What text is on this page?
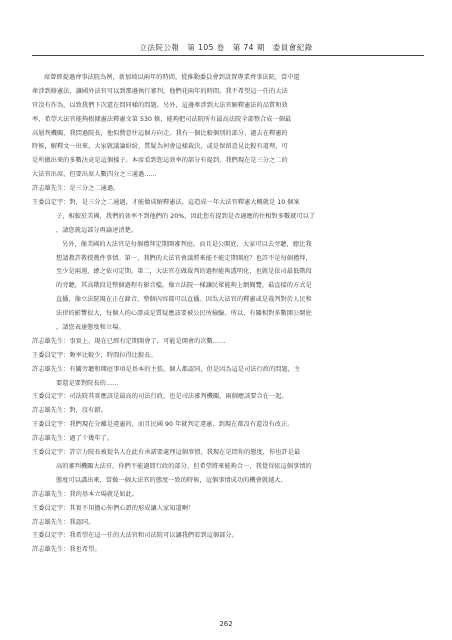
立法院公報　第 105 卷　第 74 期　委員會紀錄
席曾經提過齊事法院為例，新加坡以兩年的時間，從推動委員會到設置專業齊事法院，當中還
牽涉到修憲法，讓國外法官可以到那邊執行審判，他們花兩年的時間。我不希望這一任的大法
官沒有作為，以致我們下次還在問同樣的問題。另外，這邊牽涉到大法官解釋憲法的品質和效
率，希望大法官能夠根據憲法釋憲文第 530 條，能夠把司法院所有最高法院全部整合成一個最
高層判機關，我問過院長，他似贊意往這個方向走。我有一個比較個別的部分，過去在釋憲的
時候，解釋文一出來，大家就議論紛紛，質疑為何會這樣裁決，或是保留意見比較有道理，可
是所做出來的多數決竟是這個樣子。本席看到您這效率的部分有提到，我們現在是三分之二的
大法官出席，但要出席人數四分之三通過……
許志雄先生：是三分之二通過。
王委員定宇：對，是三分之二通過，才能做成解釋憲法，這造成一年大法官釋憲大概就是 10 個案
子，相較於美國，我們的效率不到他們的 20%，因此您有提到是否適應的往相對多數就可以了
，請您就這部分再論述清楚。
另外，像美國的大法官是每個禮拜定期開審判庭，而且是公開庭，大家可以去旁聽，總比我
想請教許教授幾件事情。第一，我們的大法官會議將來能不能定期開庭？也許不是每個禮拜，
至少是兩週，總之依司定期。第二，大法官在做裁判的過程能夠透明化，也就是依司最低階段
的旁聽，其高階段是整個過程有影音檔，像立法院一樣讓民眾能夠上網閱覽，最直接的方式是
直播，像立法院現在正在錄音，整個內容都可以直播。因為大法官的釋憲或是裁判對於人民和
法律的影響很大，每個人的心證或是質疑應該要被公民所檢驗。所以，有關相對多數開公開庭
，請您表達態度和立場。
許志雄先生：事實上，現在已經有定期開會了，可能是開會的次數……
王委員定宇：頻率比較少，時間拉得比較長。
許志雄先生：有關旁聽和開庭事項是基本的主張，個人都認同，但是因為這是司法行政的問題，主
要還是要對院長的……
王委員定宇：司法院其實應該是最高的司法行政，也是司法審判機關，兩個應該要合在一起。
許志雄先生：對，沒有錯。
王委員定宇：我們現在分離是違憲的，而且民國 90 年就判定違憲，到現在都沒有還沒有改正。
許志雄先生：過了十幾年了。
王委員定宇：許宗力院長被提名人在此有承諾要處理這個事情，我現在是問你的態度，你也許是最
高的審判機關大法官，你們不能過間行政的部分，但希望將來能夠合一，我覺得依這個事情的
態度可以講出來，當做一個大法官的態度一致的時候，這個事情成功的機會就越大。
許志雄先生：我的基本立場就是如此。
王委員定宇：其實不用擔心你們心證的形成讓人家知道啊！
許志雄先生：我認同。
王委員定宇：我希望在這一任的大法官和司法院可以讓我們看到這個部分。
許志雄先生：我也希望。
262
